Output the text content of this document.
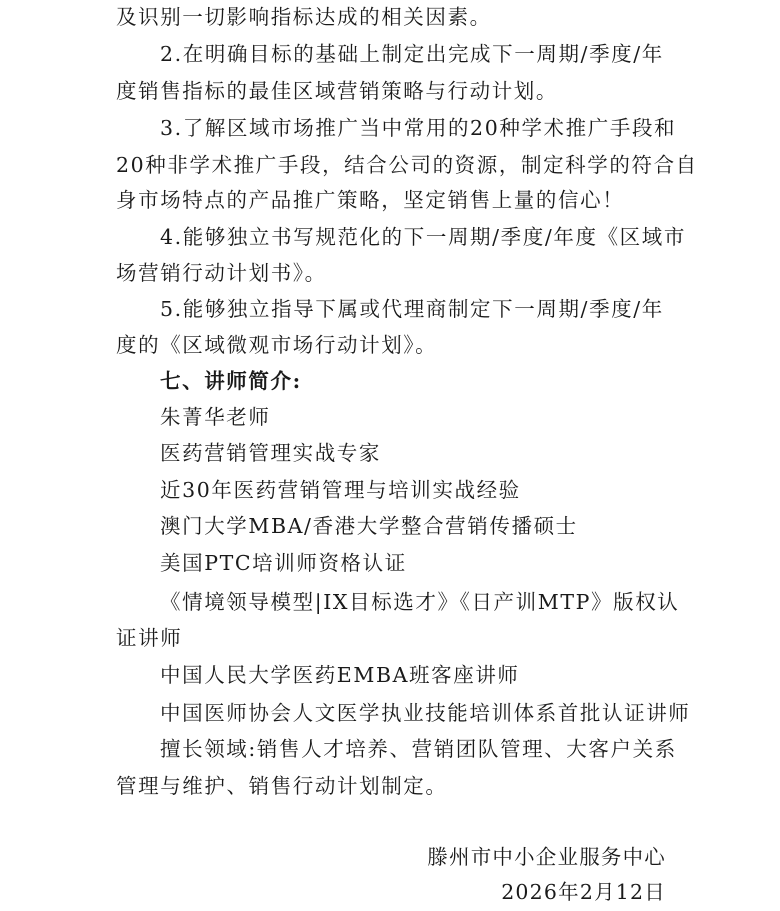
及识别一切影响指标达成的相关因素。
2.在明确目标的基础上制定出完成下一周期/季度/年
度销售指标的最佳区域营销策略与行动计划。
3.了解区域市场推广当中常用的20种学术推广手段和
20种非学术推广手段，结合公司的资源，制定科学的符合自
身市场特点的产品推广策略，坚定销售上量的信心！
4.能够独立书写规范化的下一周期/季度/年度《区域市
场营销行动计划书》。
5.能够独立指导下属或代理商制定下一周期/季度/年
度的《区域微观市场行动计划》。
七、讲师简介:
朱菁华老师
医药营销管理实战专家
近30年医药营销管理与培训实战经验
澳门大学MBA/香港大学整合营销传播硕士
美国PTC培训师资格认证
《情境领导模型|IX目标选才》《日产训MTP》版权认
证讲师
中国人民大学医药EMBA班客座讲师
中国医师协会人文医学执业技能培训体系首批认证讲师
擅长领域:销售人才培养、营销团队管理、大客户关系
管理与维护、销售行动计划制定。
滕州市中小企业服务中心
2026年2月12日
